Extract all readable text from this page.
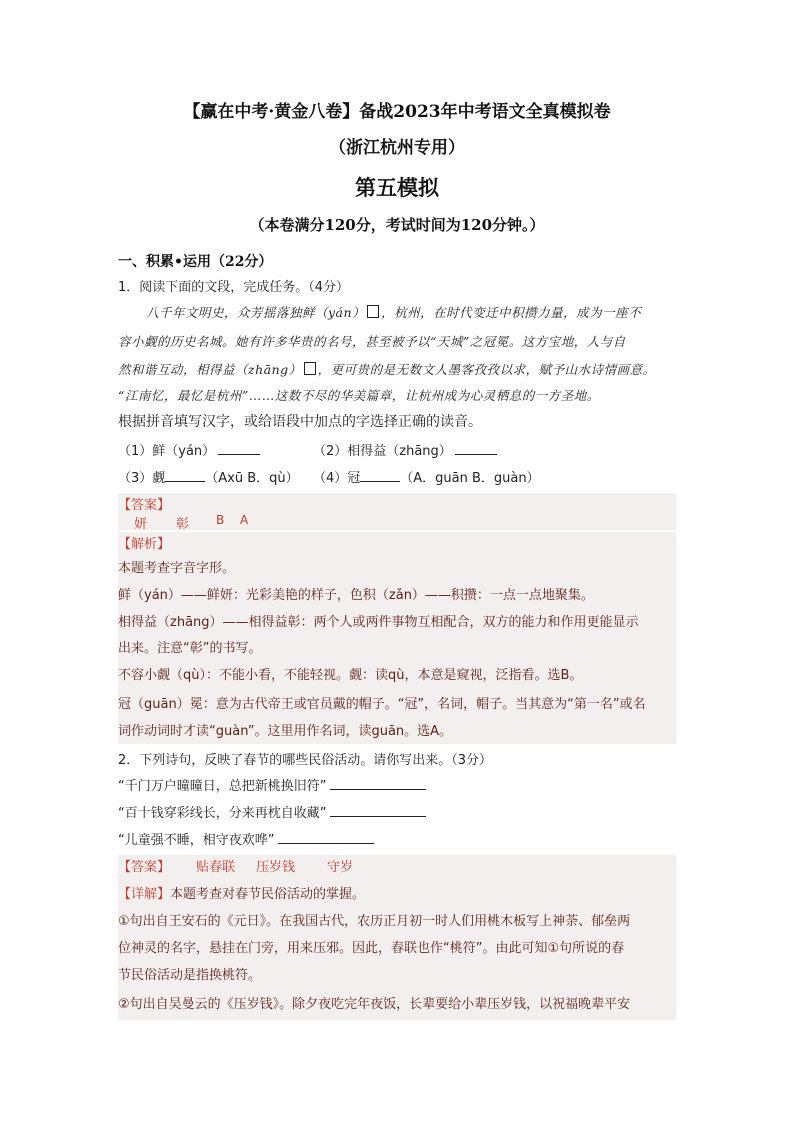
【赢在中考·黄金八卷】备战2023年中考语文全真模拟卷
（浙江杭州专用）
第五模拟
（本卷满分120分，考试时间为120分钟。）
一、积累•运用（22分）
1．阅读下面的文段，完成任务。（4分）
八千年文明史，众芳摇落独鲜（yán） ，杭州，在时代变迁中积攒力量，成为一座不
容小觑的历史名城。她有许多华贵的名号，甚至被予以“天城”之冠冕。这方宝地，人与自
然和谐互动，相得益（zhāng） ，更可贵的是无数文人墨客孜孜以求，赋予山水诗情画意。
“江南忆，最忆是杭州”……这数不尽的华美篇章，让杭州成为心灵栖息的一方圣地。
根据拼音填写汉字，或给语段中加点的字选择正确的读音。
（1）鲜（yán）	（2）相得益（zhāng）
（3）觑	（Axū B．qù） （4）冠	（A．guān B．guàn）
【答案】
妍 彰 B A
【解析】
本题考查字音字形。
鲜（yán）——鲜妍：光彩美艳的样子，色积（zǎn）——积攒：一点一点地聚集。
相得益（zhāng）——相得益彰：两个人或两件事物互相配合，双方的能力和作用更能显示
出来。注意“彰”的书写。
不容小觑（qù）：不能小看，不能轻视。觑：读qù，本意是窥视，泛指看。选B。
冠（guān）冕：意为古代帝王或官员戴的帽子。“冠”，名词，帽子。当其意为“第一名”或名
词作动词时才读“guàn”。这里用作名词，读guān。选A。
2．下列诗句，反映了春节的哪些民俗活动。请你写出来。（3分）
“千门万户曈曈日，总把新桃换旧符”
“百十钱穿彩线长，分来再枕自收藏”
“儿童强不睡，相守夜欢哗”
【答案】 贴春联 压岁钱 守岁
【详解】本题考查对春节民俗活动的掌握。
①句出自王安石的《元日》。在我国古代，农历正月初一时人们用桃木板写上神荼、郁垒两
位神灵的名字，悬挂在门旁，用来压邪。因此，春联也作“桃符”。由此可知①句所说的春
节民俗活动是指换桃符。
②句出自吴曼云的《压岁钱》。除夕夜吃完年夜饭，长辈要给小辈压岁钱，以祝福晚辈平安
